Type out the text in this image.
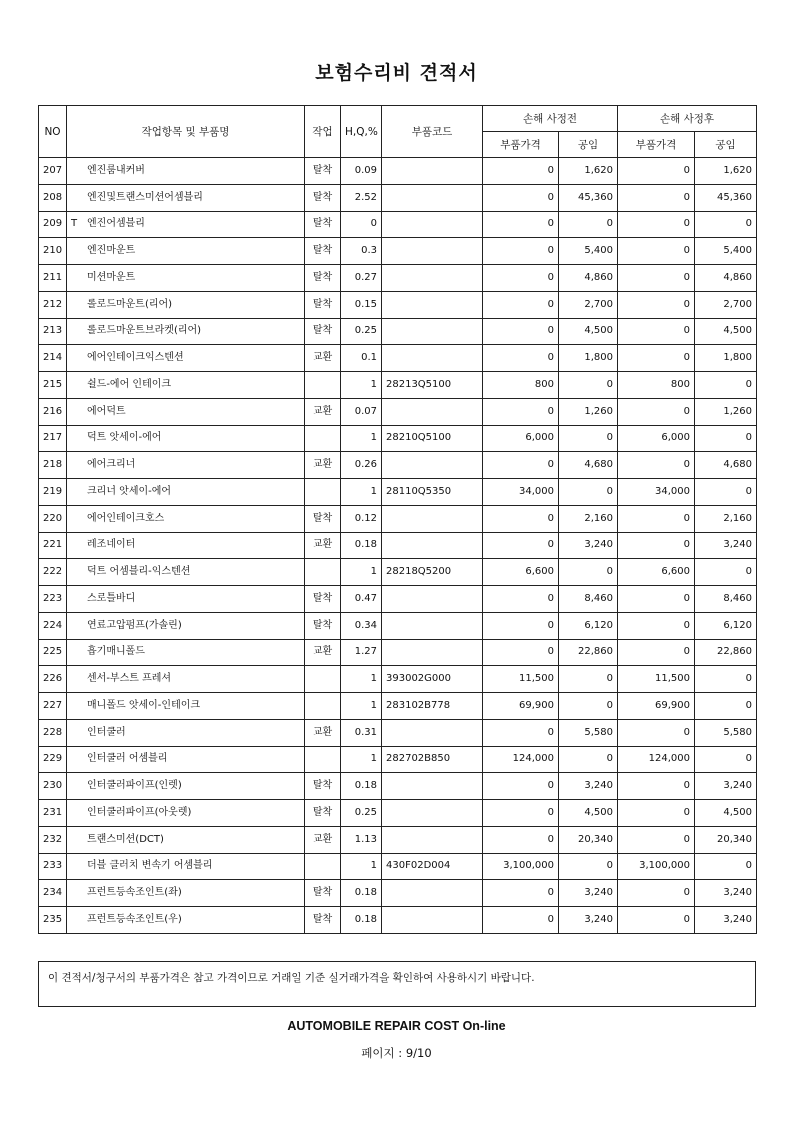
보험수리비 견적서
NO	작업항목 및 부품명	작업	H,Q,%	부품코드	손해 사정전		손해 사정후	
					부품가격	공임	부품가격	공임
207	엔진룸내커버	탈착	0.09		0	1,620	0	1,620
208	엔진및트랜스미션어셈블리	탈착	2.52		0	45,360	0	45,360
209	T 엔진어셈블리	탈착	0		0	0	0	0
210	엔진마운트	탈착	0.3		0	5,400	0	5,400
211	미션마운트	탈착	0.27		0	4,860	0	4,860
212	롤로드마운트(리어)	탈착	0.15		0	2,700	0	2,700
213	롤로드마운트브라켓(리어)	탈착	0.25		0	4,500	0	4,500
214	에어인테이크익스텐션	교환	0.1		0	1,800	0	1,800
215	쉴드-에어 인테이크		1	28213Q5100	800	0	800	0
216	에어덕트	교환	0.07		0	1,260	0	1,260
217	덕트 앗세이-에어		1	28210Q5100	6,000	0	6,000	0
218	에어크리너	교환	0.26		0	4,680	0	4,680
219	크리너 앗세이-에어		1	28110Q5350	34,000	0	34,000	0
220	에어인테이크호스	탈착	0.12		0	2,160	0	2,160
221	레조네이터	교환	0.18		0	3,240	0	3,240
222	덕트 어셈블리-익스텐션		1	28218Q5200	6,600	0	6,600	0
223	스로틀바디	탈착	0.47		0	8,460	0	8,460
224	연료고압펌프(가솔린)	탈착	0.34		0	6,120	0	6,120
225	흡기매니폴드	교환	1.27		0	22,860	0	22,860
226	센서-부스트 프레셔		1	393002G000	11,500	0	11,500	0
227	매니폴드 앗세이-인테이크		1	283102B778	69,900	0	69,900	0
228	인터쿨러	교환	0.31		0	5,580	0	5,580
229	인터쿨러 어셈블리		1	282702B850	124,000	0	124,000	0
230	인터쿨러파이프(인렛)	탈착	0.18		0	3,240	0	3,240
231	인터쿨러파이프(아웃렛)	탈착	0.25		0	4,500	0	4,500
232	트랜스미션(DCT)	교환	1.13		0	20,340	0	20,340
233	더블 클러치 변속기 어셈블리		1	430F02D004	3,100,000	0	3,100,000	0
234	프런트등속조인트(좌)	탈착	0.18		0	3,240	0	3,240
235	프런트등속조인트(우)	탈착	0.18		0	3,240	0	3,240
이 견적서/청구서의 부품가격은 참고 가격이므로 거래일 기준 실거래가격을 확인하여 사용하시기 바랍니다.
AUTOMOBILE REPAIR COST On-line
페이지 : 9/10
